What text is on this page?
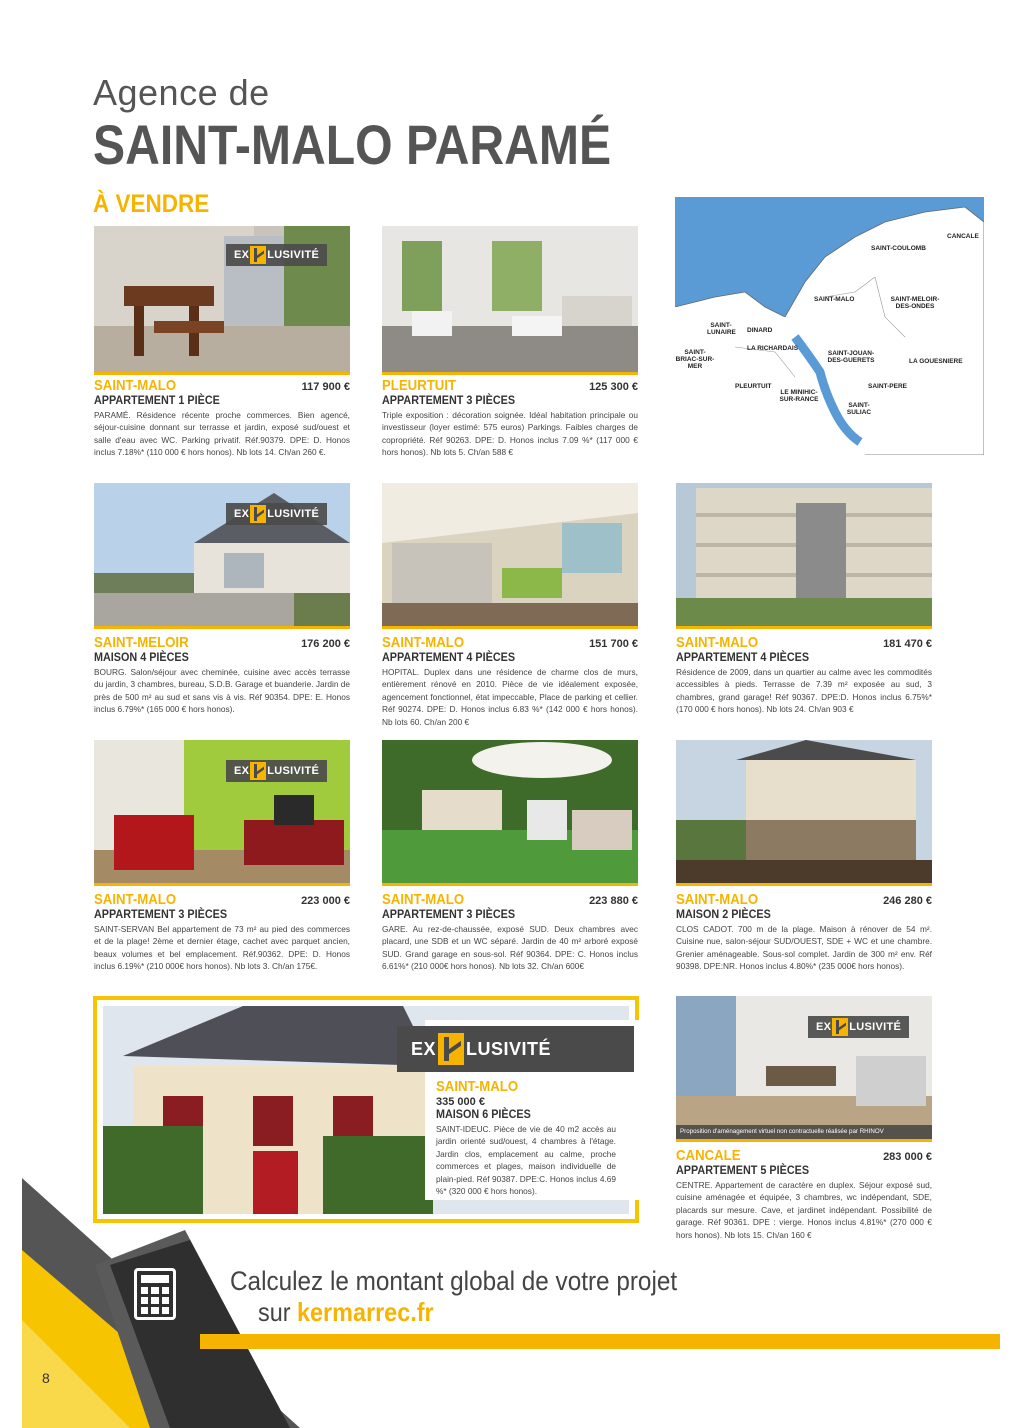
Agence de
SAINT-MALO PARAMÉ
À VENDRE
EX LUSIVITÉ
CANCALE
SAINT-COULOMB
SAINT-MALO	SAINT-MELOIR-DES-ONDES
SAINT-LUNAIRE DINARD
SAINT-BRIAC-SUR-MER
LA RICHARDAIS
SAINT-JOUAN-DES-GUERETS	LA GOUESNIERE
PLEURTUIT
LE MINIHIC-SUR-RANCE
SAINT-PERE
SAINT-SULIAC
SAINT-MALO	117 900 €
APPARTEMENT 1 PIÈCE
PARAMÉ. Résidence récente proche commerces. Bien agencé, séjour-cuisine donnant sur terrasse et jardin, exposé sud/ouest et salle d'eau avec WC. Parking privatif. Réf.90379. DPE: D. Honos inclus 7.18%* (110 000 € hors honos). Nb lots 14. Ch/an 260 €.
PLEURTUIT	125 300 €
APPARTEMENT 3 PIÈCES
Triple exposition : décoration soignée. Idéal habitation principale ou investisseur (loyer estimé: 575 euros) Parkings. Faibles charges de copropriété. Réf 90263. DPE: D. Honos inclus 7.09 %* (117 000 € hors honos). Nb lots 5. Ch/an 588 €
EX LUSIVITÉ
SAINT-MELOIR	176 200 €
MAISON 4 PIÈCES
BOURG. Salon/séjour avec cheminée, cuisine avec accès terrasse du jardin, 3 chambres, bureau, S.D.B. Garage et buanderie. Jardin de près de 500 m² au sud et sans vis à vis. Réf 90354. DPE: E. Honos inclus 6.79%* (165 000 € hors honos).
SAINT-MALO	151 700 €
APPARTEMENT 4 PIÈCES
HOPITAL. Duplex dans une résidence de charme clos de murs, entièrement rénové en 2010. Pièce de vie idéalement exposée, agencement fonctionnel, état impeccable, Place de parking et cellier. Réf 90274. DPE: D. Honos inclus 6.83 %* (142 000 € hors honos). Nb lots 60. Ch/an 200 €
SAINT-MALO	181 470 €
APPARTEMENT 4 PIÈCES
Résidence de 2009, dans un quartier au calme avec les commodités accessibles à pieds. Terrasse de 7.39 m² exposée au sud, 3 chambres, grand garage! Réf 90367. DPE:D. Honos inclus 6.75%* (170 000 € hors honos). Nb lots 24. Ch/an 903 €
EX LUSIVITÉ
SAINT-MALO	223 000 €
APPARTEMENT 3 PIÈCES
SAINT-SERVAN Bel appartement de 73 m² au pied des commerces et de la plage! 2ème et dernier étage, cachet avec parquet ancien, beaux volumes et bel emplacement. Réf.90362. DPE: D. Honos inclus 6.19%* (210 000€ hors honos). Nb lots 3. Ch/an 175€.
SAINT-MALO	223 880 €
APPARTEMENT 3 PIÈCES
GARE. Au rez-de-chaussée, exposé SUD. Deux chambres avec placard, une SDB et un WC séparé. Jardin de 40 m² arboré exposé SUD. Grand garage en sous-sol. Réf 90364. DPE: C. Honos inclus 6.61%* (210 000€ hors honos). Nb lots 32. Ch/an 600€
SAINT-MALO	246 280 €
MAISON 2 PIÈCES
CLOS CADOT. 700 m de la plage. Maison à rénover de 54 m². Cuisine nue, salon-séjour SUD/OUEST, SDE + WC et une chambre. Grenier aménageable. Sous-sol complet. Jardin de 300 m² env. Réf 90398. DPE:NR. Honos inclus 4.80%* (235 000€ hors honos).
EX LUSIVITÉ
SAINT-MALO
335 000 €
MAISON 6 PIÈCES
SAINT-IDEUC. Pièce de vie de 40 m2 accès au jardin orienté sud/ouest, 4 chambres à l'étage. Jardin clos, emplacement au calme, proche commerces et plages, maison individuelle de plain-pied. Réf 90387. DPE:C. Honos inclus 4.69 %* (320 000 € hors honos).
EX LUSIVITÉ
Proposition d'aménagement virtuel non contractuelle réalisée par RHINOV
CANCALE	283 000 €
APPARTEMENT 5 PIÈCES
CENTRE. Appartement de caractère en duplex. Séjour exposé sud, cuisine aménagée et équipée, 3 chambres, wc indépendant, SDE, placards sur mesure. Cave, et jardinet indépendant. Possibilité de garage. Réf 90361. DPE : vierge. Honos inclus 4.81%* (270 000 € hors honos). Nb lots 15. Ch/an 160 €
Calculez le montant global de votre projet
sur kermarrec.fr
8
